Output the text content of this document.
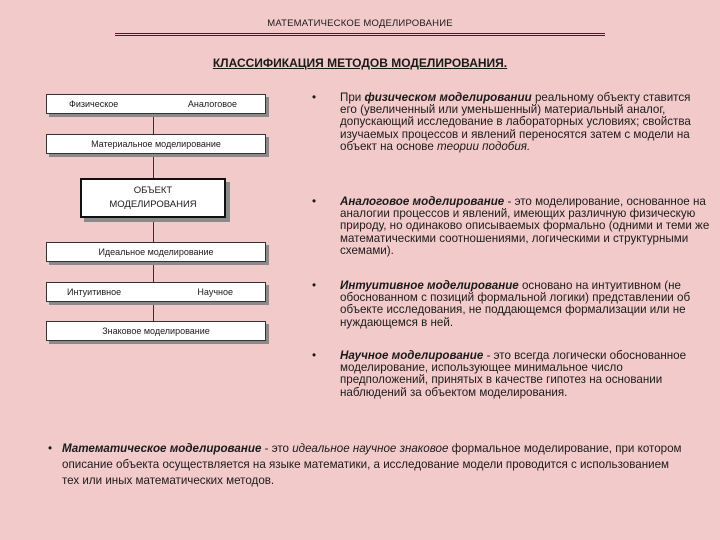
МАТЕМАТИЧЕСКОЕ МОДЕЛИРОВАНИЕ
КЛАССИФИКАЦИЯ МЕТОДОВ МОДЕЛИРОВАНИЯ.
Физическое	Аналоговое
Материальное моделирование
ОБЪЕКТ
МОДЕЛИРОВАНИЯ
Идеальное моделирование
Интуитивное	Научное
Знаковое моделирование
•	При физическом моделировании реальному объекту ставится его (увеличенный или уменьшенный) материальный аналог, допускающий исследование в лабораторных условиях; свойства изучаемых процессов и явлений переносятся затем с модели на объект на основе теории подобия.
•	Аналоговое моделирование - это моделирование, основанное на аналогии процессов и явлений, имеющих различную физическую природу, но одинаково описываемых формально (одними и теми же математическими соотношениями, логическими и структурными схемами).
•	Интуитивное моделирование основано на интуитивном (не обоснованном с позиций формальной логики) представлении об объекте исследования, не поддающемся формализации или не нуждающемся в ней.
•	Научное моделирование - это всегда логически обоснованное моделирование, использующее минимальное число предположений, принятых в качестве гипотез на основании наблюдений за объектом моделирования.
• Математическое моделирование - это идеальное научное знаковое формальное моделирование, при котором описание объекта осуществляется на языке математики, а исследование модели проводится с использованием тех или иных математических методов.
